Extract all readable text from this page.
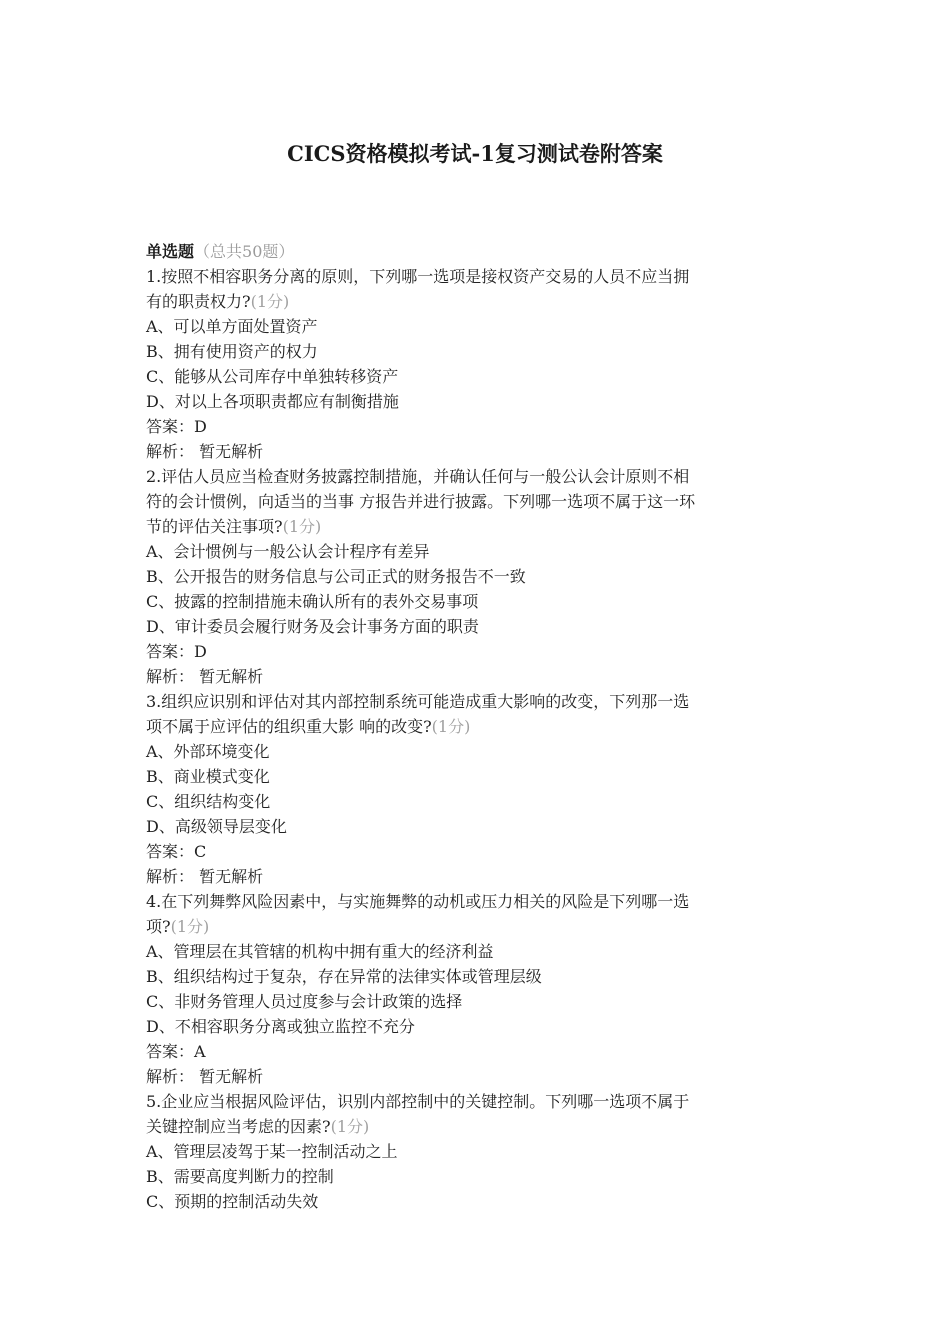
CICS资格模拟考试-1复习测试卷附答案
单选题（总共50题）
1.按照不相容职务分离的原则，下列哪一选项是接权资产交易的人员不应当拥
有的职责权力?(1分)
A、可以单方面处置资产
B、拥有使用资产的权力
C、能够从公司库存中单独转移资产
D、对以上各项职责都应有制衡措施
答案：D
解析： 暂无解析
2.评估人员应当检查财务披露控制措施，并确认任何与一般公认会计原则不相
符的会计惯例，向适当的当事 方报告并进行披露。下列哪一选项不属于这一环
节的评估关注事项?(1分)
A、会计惯例与一般公认会计程序有差异
B、公开报告的财务信息与公司正式的财务报告不一致
C、披露的控制措施未确认所有的表外交易事项
D、审计委员会履行财务及会计事务方面的职责
答案：D
解析： 暂无解析
3.组织应识别和评估对其内部控制系统可能造成重大影响的改变，下列那一选
项不属于应评估的组织重大影 响的改变?(1分)
A、外部环境变化
B、商业模式变化
C、组织结构变化
D、高级领导层变化
答案：C
解析： 暂无解析
4.在下列舞弊风险因素中，与实施舞弊的动机或压力相关的风险是下列哪一选
项?(1分)
A、管理层在其管辖的机构中拥有重大的经济利益
B、组织结构过于复杂，存在异常的法律实体或管理层级
C、非财务管理人员过度参与会计政策的选择
D、不相容职务分离或独立监控不充分
答案：A
解析： 暂无解析
5.企业应当根据风险评估，识别内部控制中的关键控制。下列哪一选项不属于
关键控制应当考虑的因素?(1分)
A、管理层凌驾于某一控制活动之上
B、需要高度判断力的控制
C、预期的控制活动失效
